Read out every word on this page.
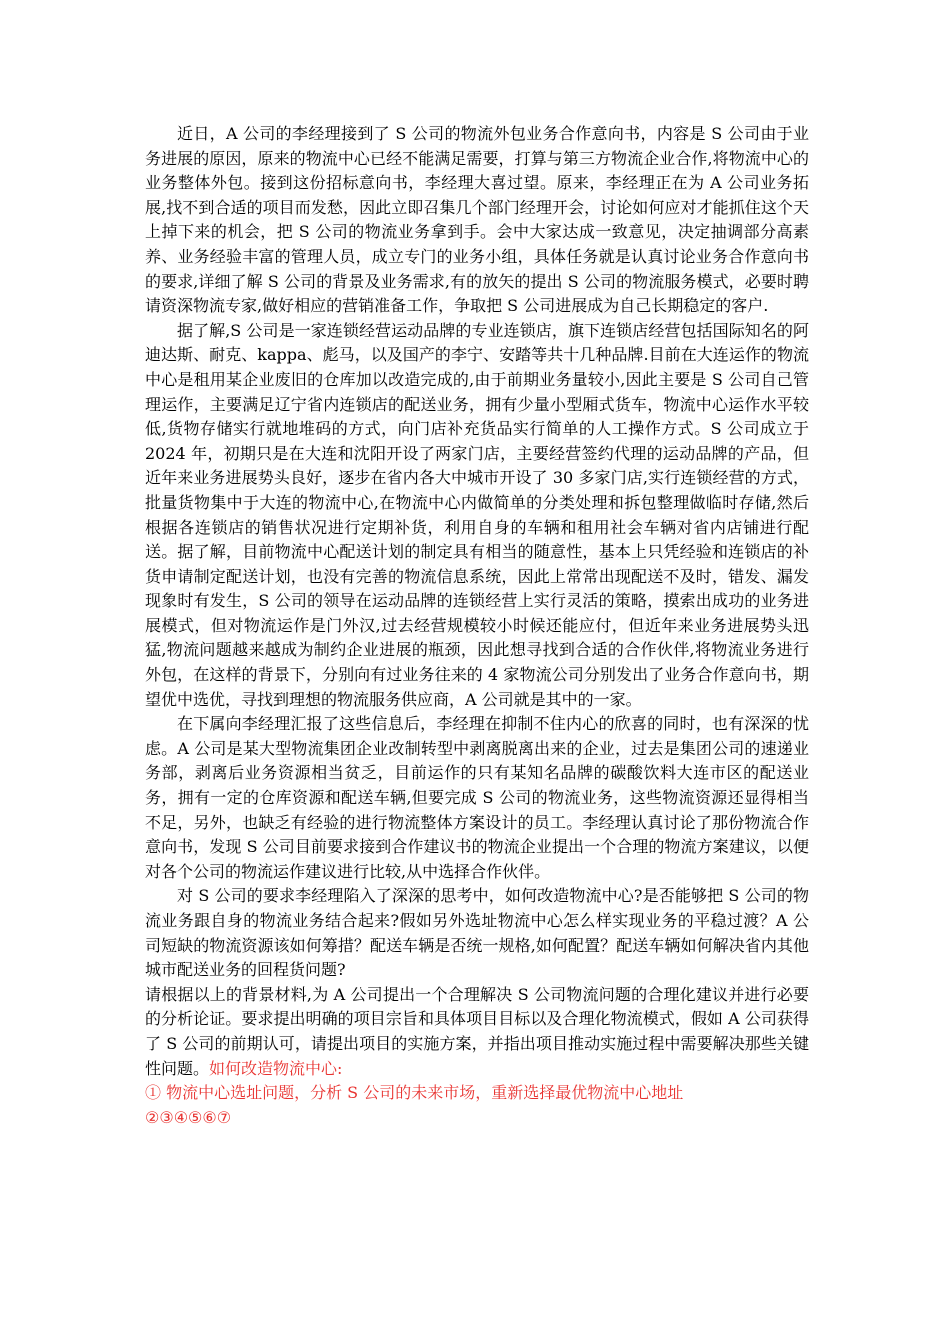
近日，A 公司的李经理接到了 S 公司的物流外包业务合作意向书，内容是 S 公司由于业务进展的原因，原来的物流中心已经不能满足需要，打算与第三方物流企业合作,将物流中心的业务整体外包。接到这份招标意向书，李经理大喜过望。原来，李经理正在为 A 公司业务拓展,找不到合适的项目而发愁，因此立即召集几个部门经理开会，讨论如何应对才能抓住这个天上掉下来的机会，把 S 公司的物流业务拿到手。会中大家达成一致意见，决定抽调部分高素养、业务经验丰富的管理人员，成立专门的业务小组，具体任务就是认真讨论业务合作意向书的要求,详细了解 S 公司的背景及业务需求,有的放矢的提出 S 公司的物流服务模式，必要时聘请资深物流专家,做好相应的营销准备工作，争取把 S 公司进展成为自己长期稳定的客户.

据了解,S 公司是一家连锁经营运动品牌的专业连锁店，旗下连锁店经营包括国际知名的阿迪达斯、耐克、kappa、彪马，以及国产的李宁、安踏等共十几种品牌.目前在大连运作的物流中心是租用某企业废旧的仓库加以改造完成的,由于前期业务量较小,因此主要是 S 公司自己管理运作，主要满足辽宁省内连锁店的配送业务，拥有少量小型厢式货车，物流中心运作水平较低,货物存储实行就地堆码的方式，向门店补充货品实行简单的人工操作方式。S 公司成立于 2024 年，初期只是在大连和沈阳开设了两家门店，主要经营签约代理的运动品牌的产品，但近年来业务进展势头良好，逐步在省内各大中城市开设了 30 多家门店,实行连锁经营的方式，批量货物集中于大连的物流中心,在物流中心内做简单的分类处理和拆包整理做临时存储,然后根据各连锁店的销售状况进行定期补货，利用自身的车辆和租用社会车辆对省内店铺进行配送。据了解，目前物流中心配送计划的制定具有相当的随意性，基本上只凭经验和连锁店的补货申请制定配送计划，也没有完善的物流信息系统，因此上常常出现配送不及时，错发、漏发现象时有发生，S 公司的领导在运动品牌的连锁经营上实行灵活的策略，摸索出成功的业务进展模式，但对物流运作是门外汉,过去经营规模较小时候还能应付，但近年来业务进展势头迅猛,物流问题越来越成为制约企业进展的瓶颈，因此想寻找到合适的合作伙伴,将物流业务进行外包，在这样的背景下，分别向有过业务往来的 4 家物流公司分别发出了业务合作意向书，期望优中选优，寻找到理想的物流服务供应商，A 公司就是其中的一家。

在下属向李经理汇报了这些信息后，李经理在抑制不住内心的欣喜的同时，也有深深的忧虑。A 公司是某大型物流集团企业改制转型中剥离脱离出来的企业，过去是集团公司的速递业务部，剥离后业务资源相当贫乏，目前运作的只有某知名品牌的碳酸饮料大连市区的配送业务，拥有一定的仓库资源和配送车辆,但要完成 S 公司的物流业务，这些物流资源还显得相当不足，另外，也缺乏有经验的进行物流整体方案设计的员工。李经理认真讨论了那份物流合作意向书，发现 S 公司目前要求接到合作建议书的物流企业提出一个合理的物流方案建议，以便对各个公司的物流运作建议进行比较,从中选择合作伙伴。

对 S 公司的要求李经理陷入了深深的思考中，如何改造物流中心?是否能够把 S 公司的物流业务跟自身的物流业务结合起来?假如另外选址物流中心怎么样实现业务的平稳过渡？A 公司短缺的物流资源该如何筹措？配送车辆是否统一规格,如何配置？配送车辆如何解决省内其他城市配送业务的回程货问题?

请根据以上的背景材料,为 A 公司提出一个合理解决 S 公司物流问题的合理化建议并进行必要的分析论证。要求提出明确的项目宗旨和具体项目目标以及合理化物流模式，假如 A 公司获得了 S 公司的前期认可，请提出项目的实施方案，并指出项目推动实施过程中需要解决那些关键性问题。如何改造物流中心:

① 物流中心选址问题，分析 S 公司的未来市场，重新选择最优物流中心地址

②③④⑤⑥⑦
